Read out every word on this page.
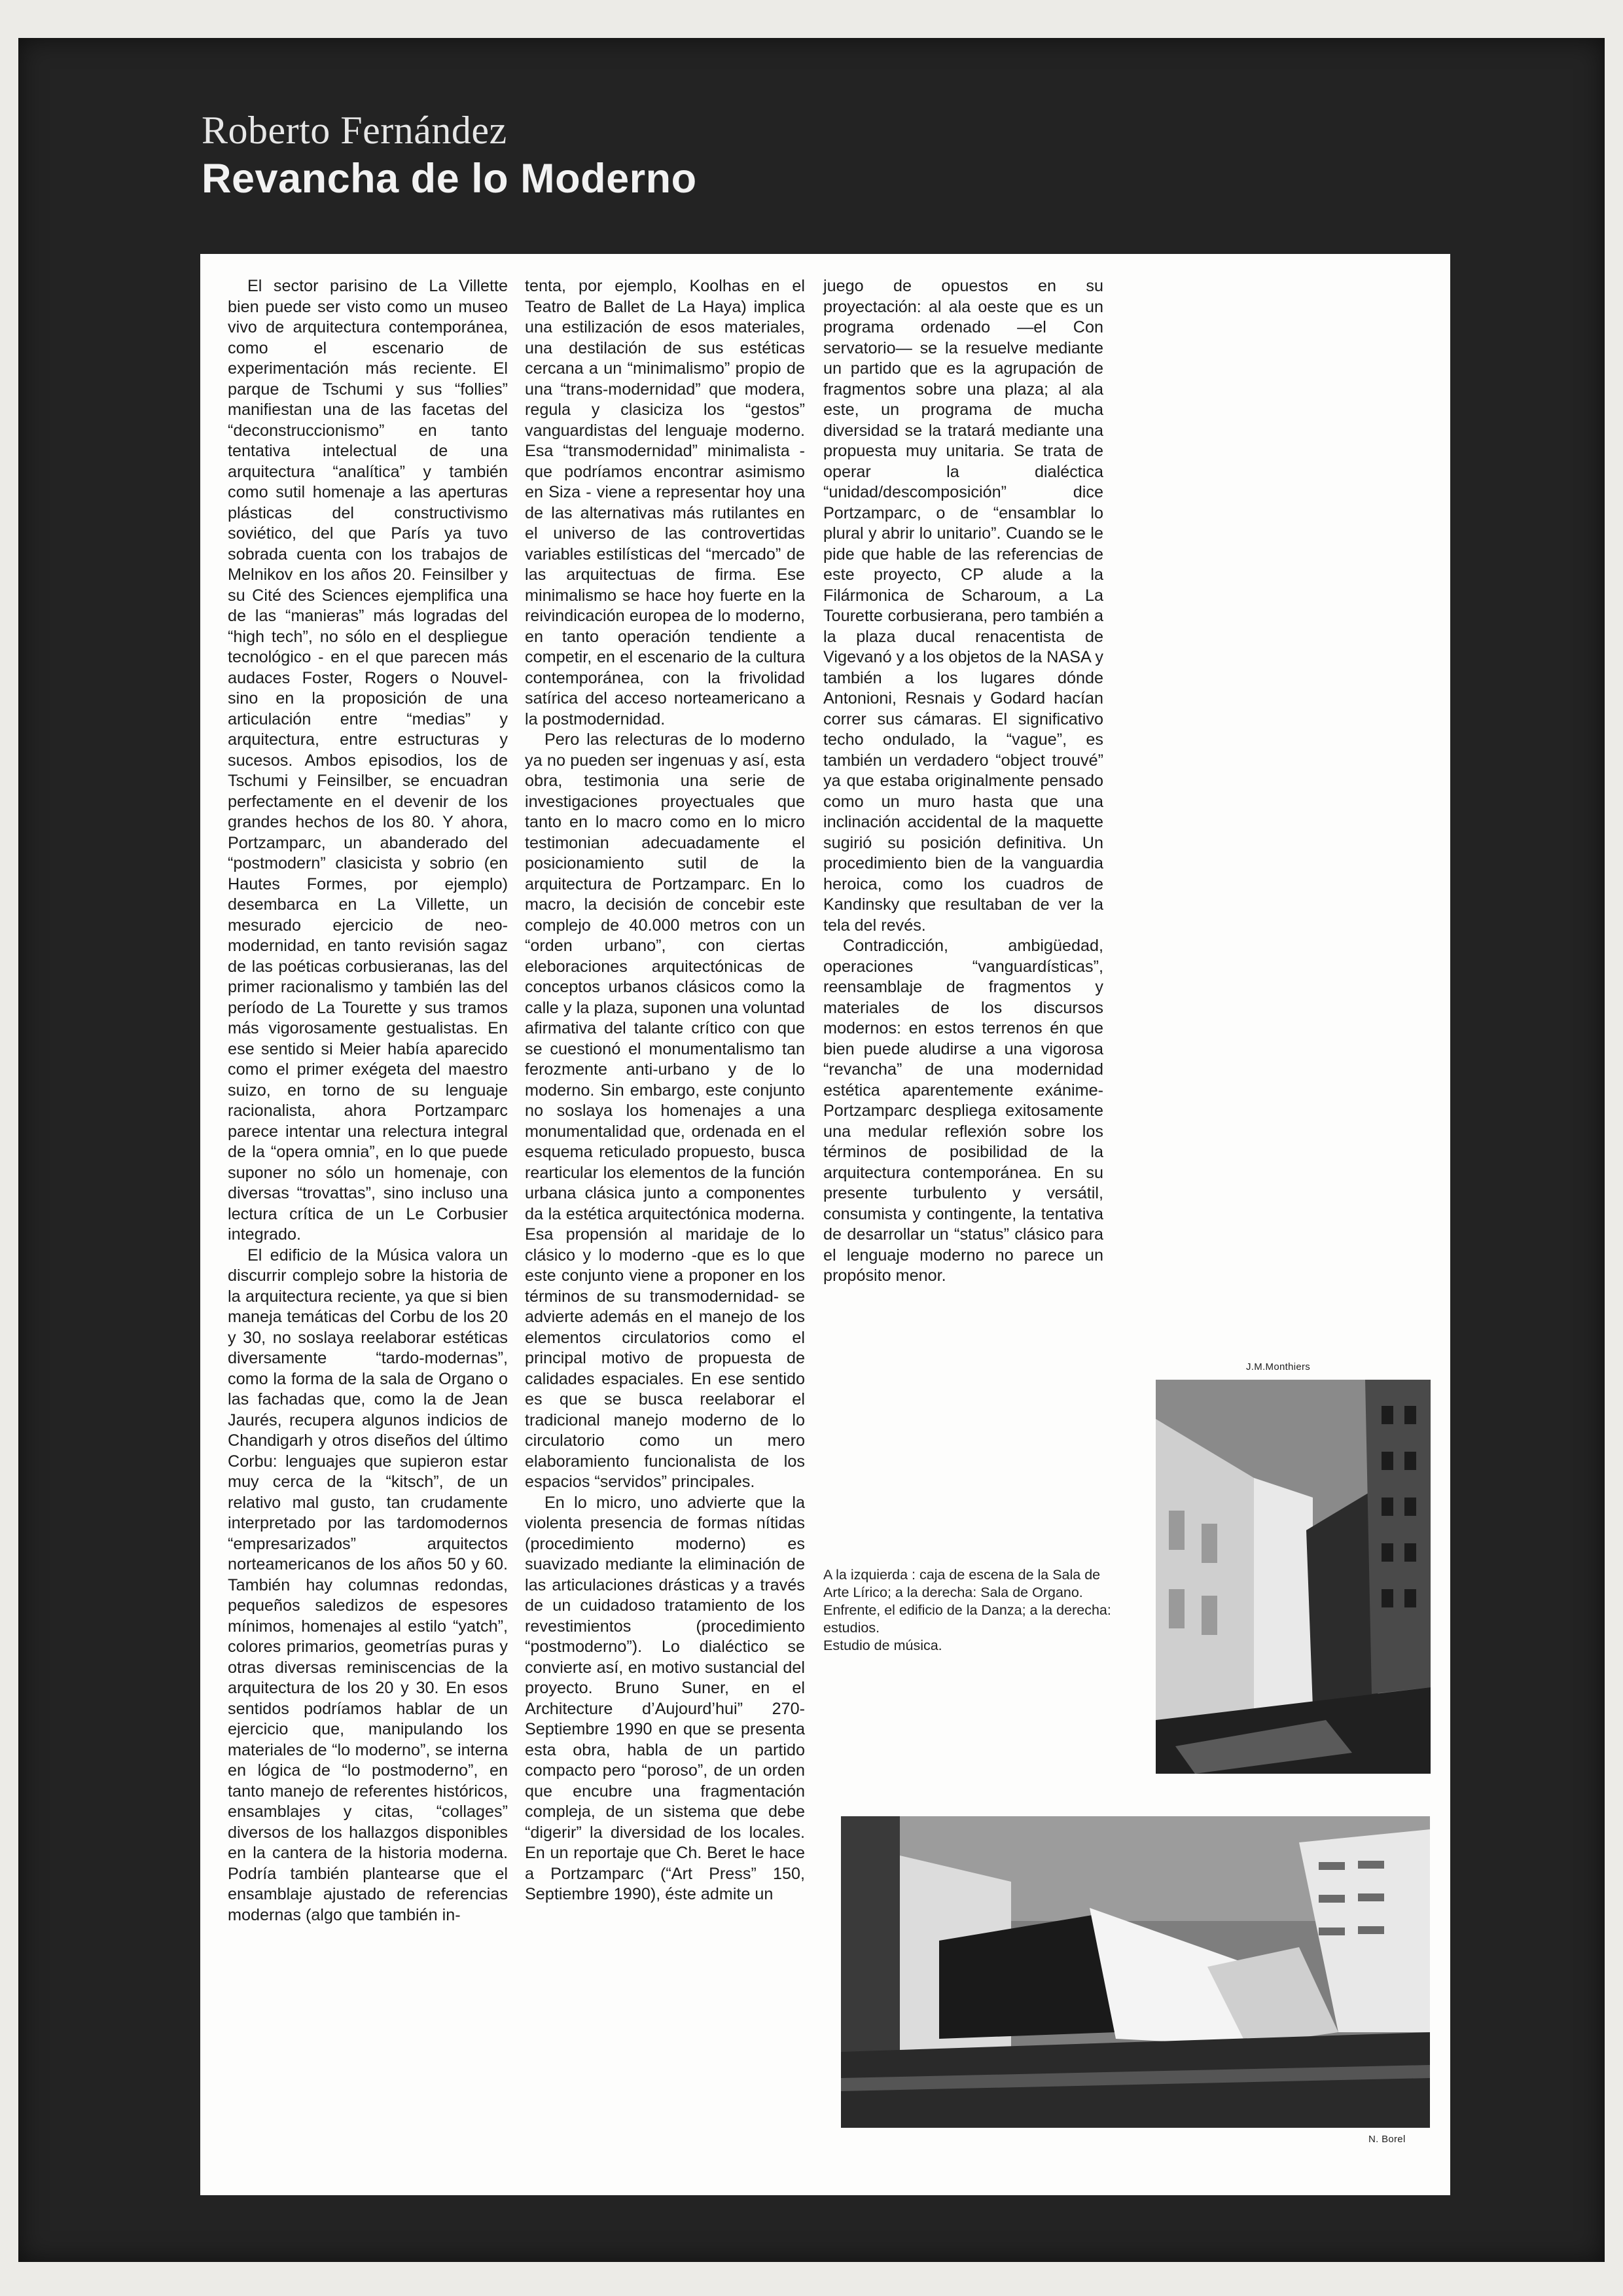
Roberto Fernández
Revancha de lo Moderno

El sector parisino de La Villette bien puede ser visto como un museo vivo de arquitectura contemporánea, como el escenario de experimentación más reciente. El parque de Tschumi y sus “follies” manifiestan una de las facetas del “deconstruccionismo” en tanto tentativa intelectual de una arquitectura “analítica” y también como sutil homenaje a las aperturas plásticas del constructivismo soviético, del que París ya tuvo sobrada cuenta con los trabajos de Melnikov en los años 20. Feinsilber y su Cité des Sciences ejemplifica una de las “manieras” más logradas del “high tech”, no sólo en el despliegue tecnológico - en el que parecen más audaces Foster, Rogers o Nouvel- sino en la proposición de una articulación entre “medias” y arquitectura, entre estructuras y sucesos. Ambos episodios, los de Tschumi y Feinsilber, se encuadran perfectamente en el devenir de los grandes hechos de los 80. Y ahora, Portzamparc, un abanderado del “postmodern” clasicista y sobrio (en Hautes Formes, por ejemplo) desembarca en La Villette, un mesurado ejercicio de neo-modernidad, en tanto revisión sagaz de las poéticas corbusieranas, las del primer racionalismo y también las del período de La Tourette y sus tramos más vigorosamente gestualistas. En ese sentido si Meier había aparecido como el primer exégeta del maestro suizo, en torno de su lenguaje racionalista, ahora Portzamparc parece intentar una relectura integral de la “opera omnia”, en lo que puede suponer no sólo un homenaje, con diversas “trovattas”, sino incluso una lectura crítica de un Le Corbusier integrado.

El edificio de la Música valora un discurrir complejo sobre la historia de la arquitectura reciente, ya que si bien maneja temáticas del Corbu de los 20 y 30, no soslaya reelaborar estéticas diversamente “tardo-modernas”, como la forma de la sala de Organo o las fachadas que, como la de Jean Jaurés, recupera algunos indicios de Chandigarh y otros diseños del último Corbu: lenguajes que supieron estar muy cerca de la “kitsch”, de un relativo mal gusto, tan crudamente interpretado por las tardomodernos “empresarizados” arquitectos norteamericanos de los años 50 y 60. También hay columnas redondas, pequeños saledizos de espesores mínimos, homenajes al estilo “yatch”, colores primarios, geometrías puras y otras diversas reminiscencias de la arquitectura de los 20 y 30. En esos sentidos podríamos hablar de un ejercicio que, manipulando los materiales de “lo moderno”, se interna en lógica de “lo postmoderno”, en tanto manejo de referentes históricos, ensamblajes y citas, “collages” diversos de los hallazgos disponibles en la cantera de la historia moderna. Podría también plantearse que el ensamblaje ajustado de referencias modernas (algo que también in-

tenta, por ejemplo, Koolhas en el Teatro de Ballet de La Haya) implica una estilización de esos materiales, una destilación de sus estéticas cercana a un “minimalismo” propio de una “trans-modernidad” que modera, regula y clasiciza los “gestos” vanguardistas del lenguaje moderno. Esa “transmodernidad” minimalista -que podríamos encontrar asimismo en Siza - viene a representar hoy una de las alternativas más rutilantes en el universo de las controvertidas variables estilísticas del “mercado” de las arquitectuas de firma. Ese minimalismo se hace hoy fuerte en la reivindicación europea de lo moderno, en tanto operación tendiente a competir, en el escenario de la cultura contemporánea, con la frivolidad satírica del acceso norteamericano a la postmodernidad.

Pero las relecturas de lo moderno ya no pueden ser ingenuas y así, esta obra, testimonia una serie de investigaciones proyectuales que tanto en lo macro como en lo micro testimonian adecuadamente el posicionamiento sutil de la arquitectura de Portzamparc. En lo macro, la decisión de concebir este complejo de 40.000 metros con un “orden urbano”, con ciertas eleboraciones arquitectónicas de conceptos urbanos clásicos como la calle y la plaza, suponen una voluntad afirmativa del talante crítico con que se cuestionó el monumentalismo tan ferozmente anti-urbano y de lo moderno. Sin embargo, este conjunto no soslaya los homenajes a una monumentalidad que, ordenada en el esquema reticulado propuesto, busca rearticular los elementos de la función urbana clásica junto a componentes da la estética arquitectónica moderna. Esa propensión al maridaje de lo clásico y lo moderno -que es lo que este conjunto viene a proponer en los términos de su transmodernidad- se advierte además en el manejo de los elementos circulatorios como el principal motivo de propuesta de calidades espaciales. En ese sentido es que se busca reelaborar el tradicional manejo moderno de lo circulatorio como un mero elaboramiento funcionalista de los espacios “servidos” principales.

En lo micro, uno advierte que la violenta presencia de formas nítidas (procedimiento moderno) es suavizado mediante la eliminación de las articulaciones drásticas y a través de un cuidadoso tratamiento de los revestimientos (procedimiento “postmoderno”). Lo dialéctico se convierte así, en motivo sustancial del proyecto. Bruno Suner, en el Architecture d’Aujourd’hui” 270-Septiembre 1990 en que se presenta esta obra, habla de un partido compacto pero “poroso”, de un orden que encubre una fragmentación compleja, de un sistema que debe “digerir” la diversidad de los locales. En un reportaje que Ch. Beret le hace a Portzamparc (“Art Press” 150, Septiembre 1990), éste admite un

juego de opuestos en su proyectación: al ala oeste que es un programa ordenado —el Con servatorio— se la resuelve mediante un partido que es la agrupación de fragmentos sobre una plaza; al ala este, un programa de mucha diversidad se la tratará mediante una propuesta muy unitaria. Se trata de operar la dialéctica “unidad/descomposición” dice Portzamparc, o de “ensamblar lo plural y abrir lo unitario”. Cuando se le pide que hable de las referencias de este proyecto, CP alude a la Filármonica de Scharoum, a La Tourette corbusierana, pero también a la plaza ducal renacentista de Vigevanó y a los objetos de la NASA y también a los lugares dónde Antonioni, Resnais y Godard hacían correr sus cámaras. El significativo techo ondulado, la “vague”, es también un verdadero “object trouvé” ya que estaba originalmente pensado como un muro hasta que una inclinación accidental de la maquette sugirió su posición definitiva. Un procedimiento bien de la vanguardia heroica, como los cuadros de Kandinsky que resultaban de ver la tela del revés.

Contradicción, ambigüedad, operaciones “vanguardísticas”, reensamblaje de fragmentos y materiales de los discursos modernos: en estos terrenos én que bien puede aludirse a una vigorosa “revancha” de una modernidad estética aparentemente exánime- Portzamparc despliega exitosamente una medular reflexión sobre los términos de posibilidad de la arquitectura contemporánea. En su presente turbulento y versátil, consumista y contingente, la tentativa de desarrollar un “status” clásico para el lenguaje moderno no parece un propósito menor.

J.M.Monthiers
A la izquierda : caja de escena de la Sala de Arte Lírico; a la derecha: Sala de Organo.
Enfrente, el edificio de la Danza; a la derecha: estudios.
Estudio de música.
N. Borel
